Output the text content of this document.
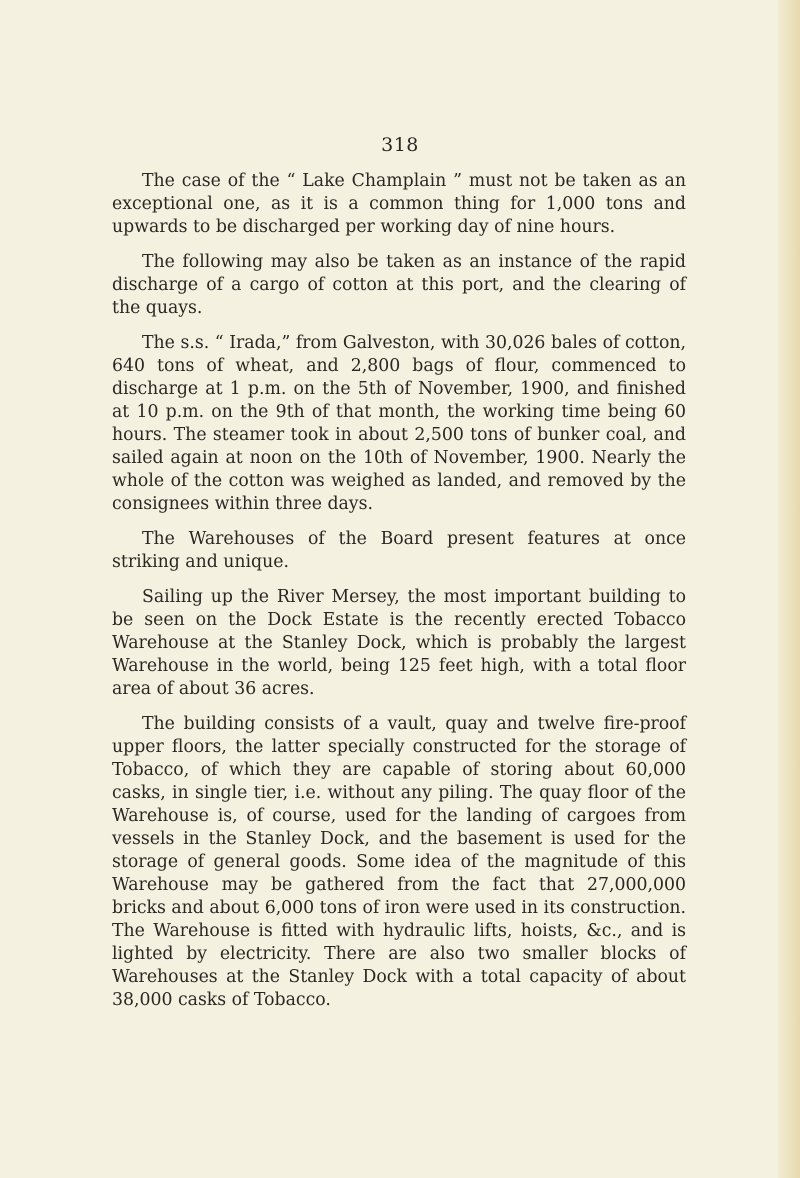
318

The case of the “ Lake Champlain ” must not be taken as an exceptional one, as it is a common thing for 1,000 tons and upwards to be discharged per working day of nine hours.

The following may also be taken as an instance of the rapid discharge of a cargo of cotton at this port, and the clearing of the quays.

The s.s. “ Irada,” from Galveston, with 30,026 bales of cotton, 640 tons of wheat, and 2,800 bags of flour, commenced to discharge at 1 p.m. on the 5th of November, 1900, and finished at 10 p.m. on the 9th of that month, the working time being 60 hours. The steamer took in about 2,500 tons of bunker coal, and sailed again at noon on the 10th of November, 1900. Nearly the whole of the cotton was weighed as landed, and removed by the consignees within three days.

The Warehouses of the Board present features at once striking and unique.

Sailing up the River Mersey, the most important building to be seen on the Dock Estate is the recently erected Tobacco Warehouse at the Stanley Dock, which is probably the largest Warehouse in the world, being 125 feet high, with a total floor area of about 36 acres.

The building consists of a vault, quay and twelve fire-proof upper floors, the latter specially constructed for the storage of Tobacco, of which they are capable of storing about 60,000 casks, in single tier, i.e. without any piling. The quay floor of the Warehouse is, of course, used for the landing of cargoes from vessels in the Stanley Dock, and the basement is used for the storage of general goods. Some idea of the magnitude of this Warehouse may be gathered from the fact that 27,000,000 bricks and about 6,000 tons of iron were used in its construction. The Warehouse is fitted with hydraulic lifts, hoists, &c., and is lighted by electricity. There are also two smaller blocks of Warehouses at the Stanley Dock with a total capacity of about 38,000 casks of Tobacco.
